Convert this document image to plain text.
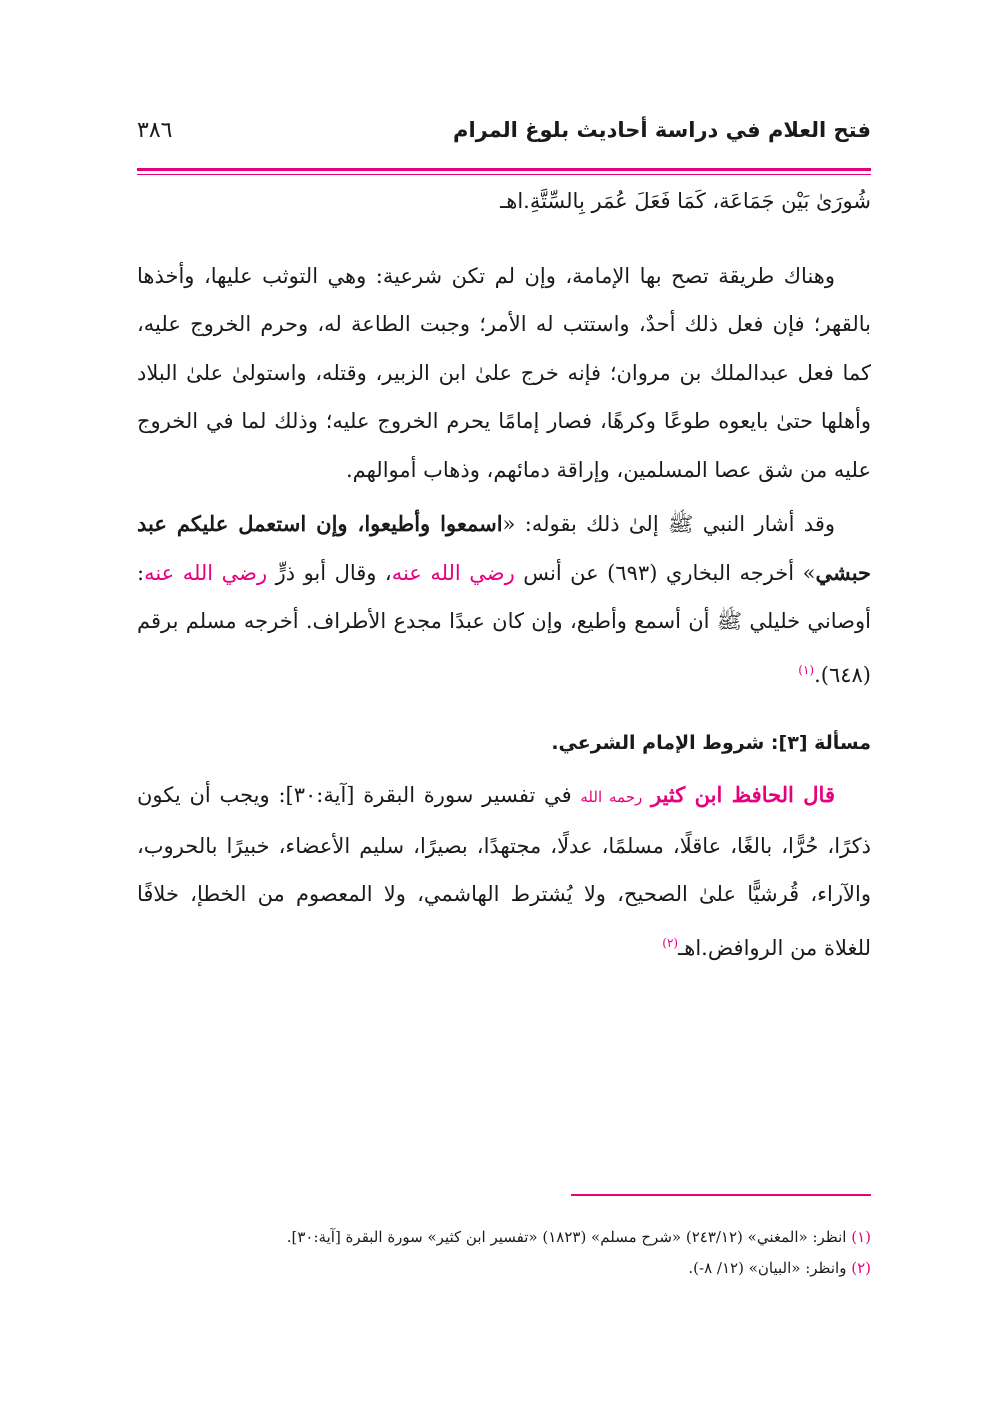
فتح العلام في دراسة أحاديث بلوغ المرام
٣٨٦

شُورَىٰ بَيْن جَمَاعَة، كَمَا فَعَلَ عُمَر بِالسِّتَّةِ.اهـ

وهناك طريقة تصح بها الإمامة، وإن لم تكن شرعية: وهي التوثب عليها، وأخذها بالقهر؛ فإن فعل ذلك أحدٌ، واستتب له الأمر؛ وجبت الطاعة له، وحرم الخروج عليه، كما فعل عبدالملك بن مروان؛ فإنه خرج علىٰ ابن الزبير، وقتله، واستولىٰ علىٰ البلاد وأهلها حتىٰ بايعوه طوعًا وكرهًا، فصار إمامًا يحرم الخروج عليه؛ وذلك لما في الخروج عليه من شق عصا المسلمين، وإراقة دمائهم، وذهاب أموالهم.

وقد أشار النبي ﷺ إلىٰ ذلك بقوله: «اسمعوا وأطيعوا، وإن استعمل عليكم عبد حبشي» أخرجه البخاري (٦٩٣) عن أنس رضي الله عنه، وقال أبو ذرٍّ رضي الله عنه: أوصاني خليلي ﷺ أن أسمع وأطيع، وإن كان عبدًا مجدع الأطراف. أخرجه مسلم برقم (٦٤٨).$^{(١)}$

مسألة [٣]: شروط الإمام الشرعي.

قال الحافظ ابن كثير رحمه الله في تفسير سورة البقرة [آية:٣٠]: ويجب أن يكون ذكرًا، حُرًّا، بالغًا، عاقلًا، مسلمًا، عدلًا، مجتهدًا، بصيرًا، سليم الأعضاء، خبيرًا بالحروب، والآراء، قُرشيًّا علىٰ الصحيح، ولا يُشترط الهاشمي، ولا المعصوم من الخطإ، خلافًا للغلاة من الروافض.اهـ$^{(٢)}$

(١) انظر: «المغني» (٢٤٣/١٢) «شرح مسلم» (١٨٢٣) «تفسير ابن كثير» سورة البقرة [آية:٣٠].
(٢) وانظر: «البيان» (١٢/ ٨-).
